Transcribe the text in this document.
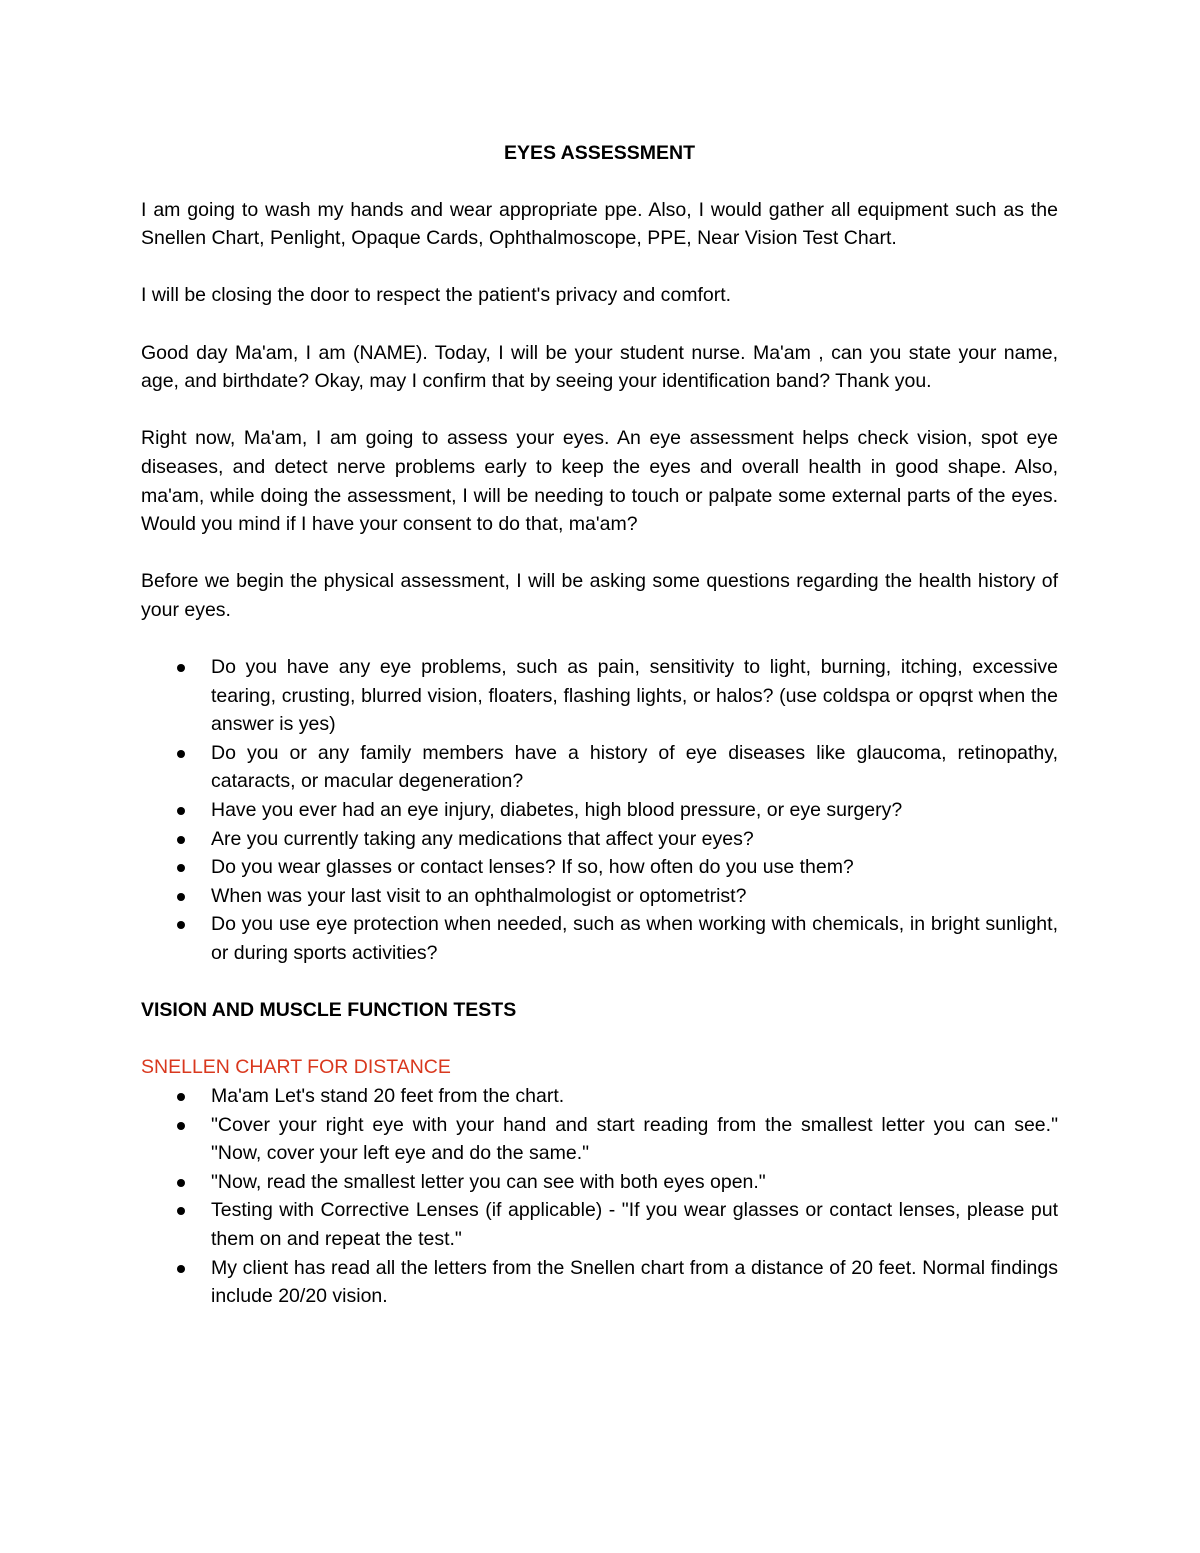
EYES ASSESSMENT

I am going to wash my hands and wear appropriate ppe. Also, I would gather all equipment such as the Snellen Chart, Penlight, Opaque Cards, Ophthalmoscope, PPE, Near Vision Test Chart.

I will be closing the door to respect the patient's privacy and comfort.

Good day Ma'am, I am (NAME). Today, I will be your student nurse. Ma'am , can you state your name, age, and birthdate? Okay, may I confirm that by seeing your identification band? Thank you.

Right now, Ma'am, I am going to assess your eyes. An eye assessment helps check vision, spot eye diseases, and detect nerve problems early to keep the eyes and overall health in good shape. Also, ma'am, while doing the assessment, I will be needing to touch or palpate some external parts of the eyes. Would you mind if I have your consent to do that, ma'am?

Before we begin the physical assessment, I will be asking some questions regarding the health history of your eyes.

Do you have any eye problems, such as pain, sensitivity to light, burning, itching, excessive tearing, crusting, blurred vision, floaters, flashing lights, or halos? (use coldspa or opqrst when the answer is yes)
Do you or any family members have a history of eye diseases like glaucoma, retinopathy, cataracts, or macular degeneration?
Have you ever had an eye injury, diabetes, high blood pressure, or eye surgery?
Are you currently taking any medications that affect your eyes?
Do you wear glasses or contact lenses? If so, how often do you use them?
When was your last visit to an ophthalmologist or optometrist?
Do you use eye protection when needed, such as when working with chemicals, in bright sunlight, or during sports activities?
VISION AND MUSCLE FUNCTION TESTS
SNELLEN CHART FOR DISTANCE
Ma'am Let's stand 20 feet from the chart.
"Cover your right eye with your hand and start reading from the smallest letter you can see." "Now, cover your left eye and do the same."
"Now, read the smallest letter you can see with both eyes open."
Testing with Corrective Lenses (if applicable) - "If you wear glasses or contact lenses, please put them on and repeat the test."
My client has read all the letters from the Snellen chart from a distance of 20 feet. Normal findings include 20/20 vision.
